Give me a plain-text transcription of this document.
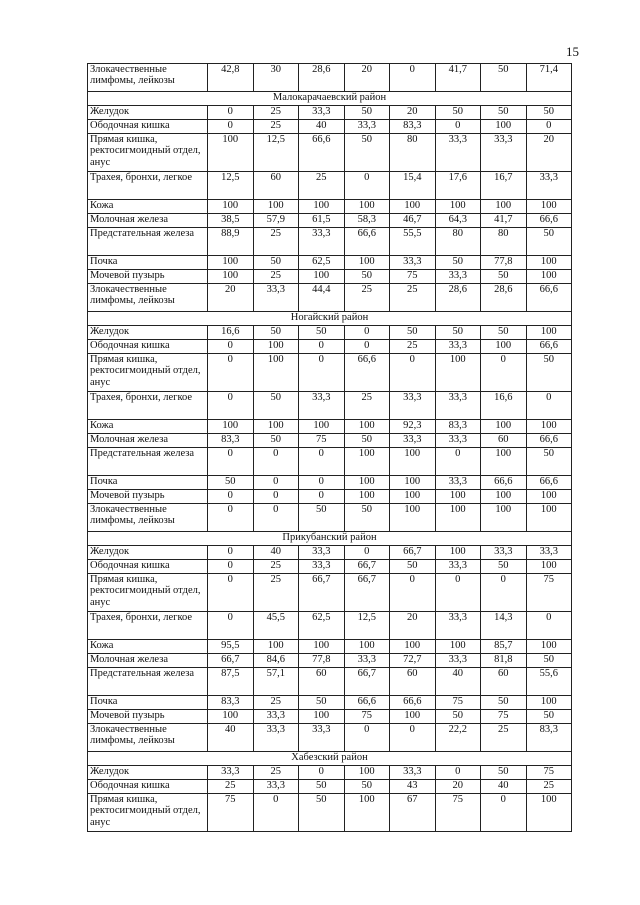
15
Злокачественные лимфомы, лейкозы	42,8	30	28,6	20	0	41,7	50	71,4
Малокарачаевский район								
Желудок	0	25	33,3	50	20	50	50	50
Ободочная кишка	0	25	40	33,3	83,3	0	100	0
Прямая кишка, ректосигмоидный отдел, анус	100	12,5	66,6	50	80	33,3	33,3	20
Трахея, бронхи, легкое	12,5	60	25	0	15,4	17,6	16,7	33,3
Кожа	100	100	100	100	100	100	100	100
Молочная железа	38,5	57,9	61,5	58,3	46,7	64,3	41,7	66,6
Предстательная железа	88,9	25	33,3	66,6	55,5	80	80	50
Почка	100	50	62,5	100	33,3	50	77,8	100
Мочевой пузырь	100	25	100	50	75	33,3	50	100
Злокачественные лимфомы, лейкозы	20	33,3	44,4	25	25	28,6	28,6	66,6
Ногайский район								
Желудок	16,6	50	50	0	50	50	50	100
Ободочная кишка	0	100	0	0	25	33,3	100	66,6
Прямая кишка, ректосигмоидный отдел, анус	0	100	0	66,6	0	100	0	50
Трахея, бронхи, легкое	0	50	33,3	25	33,3	33,3	16,6	0
Кожа	100	100	100	100	92,3	83,3	100	100
Молочная железа	83,3	50	75	50	33,3	33,3	60	66,6
Предстательная железа	0	0	0	100	100	0	100	50
Почка	50	0	0	100	100	33,3	66,6	66,6
Мочевой пузырь	0	0	0	100	100	100	100	100
Злокачественные лимфомы, лейкозы	0	0	50	50	100	100	100	100
Прикубанский район								
Желудок	0	40	33,3	0	66,7	100	33,3	33,3
Ободочная кишка	0	25	33,3	66,7	50	33,3	50	100
Прямая кишка, ректосигмоидный отдел, анус	0	25	66,7	66,7	0	0	0	75
Трахея, бронхи, легкое	0	45,5	62,5	12,5	20	33,3	14,3	0
Кожа	95,5	100	100	100	100	100	85,7	100
Молочная железа	66,7	84,6	77,8	33,3	72,7	33,3	81,8	50
Предстательная железа	87,5	57,1	60	66,7	60	40	60	55,6
Почка	83,3	25	50	66,6	66,6	75	50	100
Мочевой пузырь	100	33,3	100	75	100	50	75	50
Злокачественные лимфомы, лейкозы	40	33,3	33,3	0	0	22,2	25	83,3
Хабезский район								
Желудок	33,3	25	0	100	33,3	0	50	75
Ободочная кишка	25	33,3	50	50	43	20	40	25
Прямая кишка, ректосигмоидный отдел, анус	75	0	50	100	67	75	0	100
